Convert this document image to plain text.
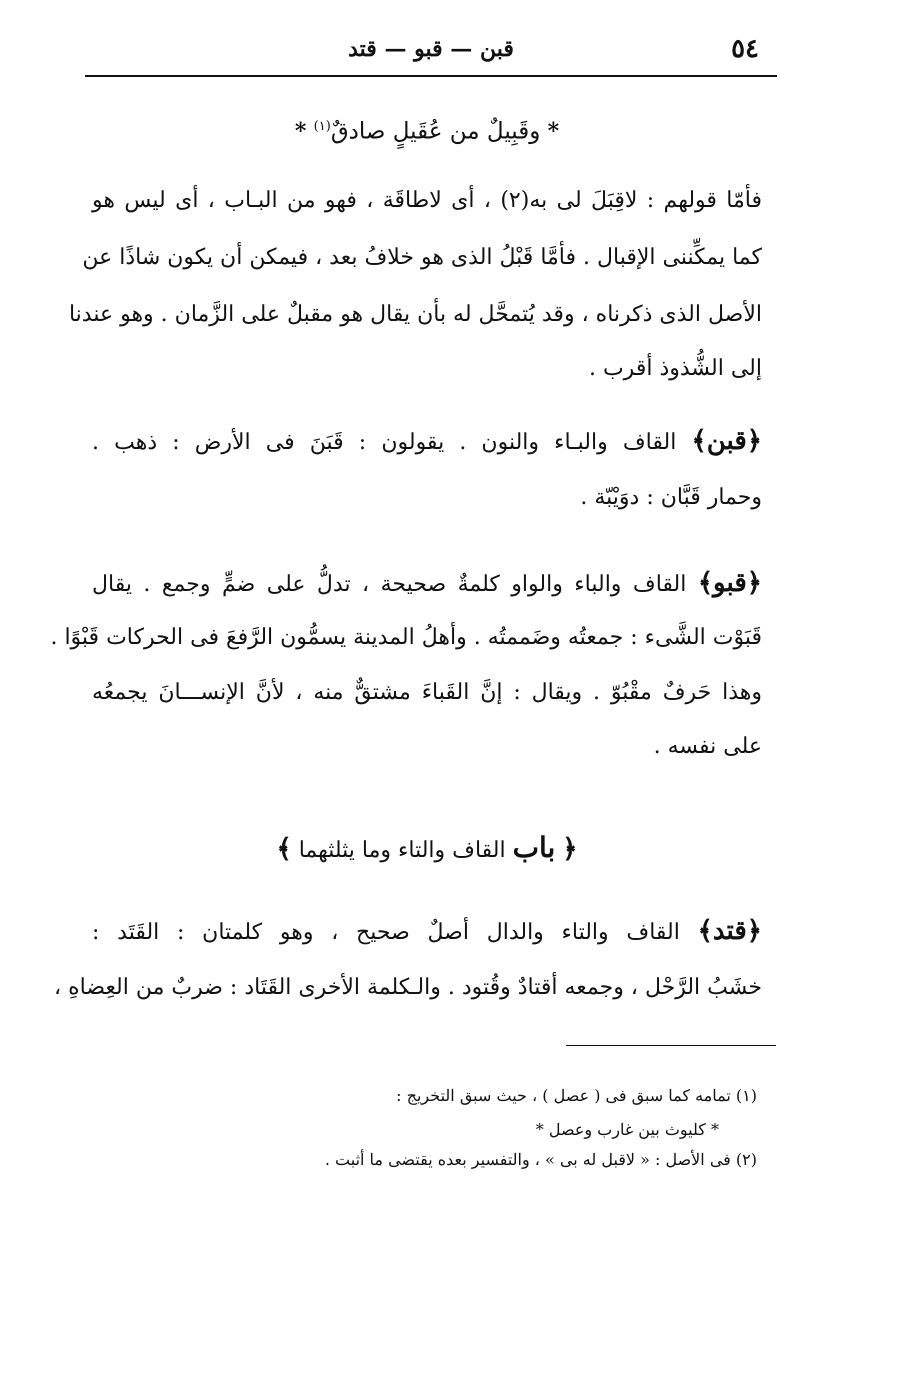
٥٤
قبن — قبو — قتد
* وقَبِيلٌ من عُقَيلٍ صادقٌ$^{(١)}$ *
فأمّا قولهم : لاقِبَلَ لى به(٢) ، أى لاطاقَة ، فهو من البـاب ، أى ليس هو
كما يمكِّننى الإقبال . فأمَّا قَبْلُ الذى هو خلافُ بعد ، فيمكن أن يكون شاذًا عن
الأصل الذى ذكرناه ، وقد يُتمحَّل له بأن يقال هو مقبلٌ على الزَّمان . وهو عندنا
إلى الشُّذوذ أقرب .
﴿قبن﴾ القاف والبـاء والنون . يقولون : قَبَنَ فى الأرض : ذهب .
وحمار قَبَّان : دوَيْبّة .
﴿قبو﴾ القاف والباء والواو كلمةٌ صحيحة ، تدلُّ على ضمٍّ وجمع . يقال
قَبَوْت الشَّىء : جمعتُه وضَممتُه . وأهلُ المدينة يسمُّون الرَّفعَ فى الحركات قَبْوًا .
وهذا حَرفٌ مقْبُوّ . ويقال : إنَّ القَباءَ مشتقٌّ منه ، لأنَّ الإنســـانَ يجمعُه
على نفسه .
﴿ باب القاف والتاء وما يثلثهما ﴾
﴿قتد﴾ القاف والتاء والدال أصلٌ صحيح ، وهو كلمتان : القَتَد :
خشَبُ الرَّحْل ، وجمعه أقتادٌ وقُتود . والـكلمة الأخرى القَتَاد : ضربٌ من العِضاهِ ،
(١) تمامه كما سبق فى ( عصل ) ، حيث سبق التخريج :
* كليوث بين غارب وعصل *
(٢) فى الأصل : « لاقبل له بى » ، والتفسير بعده يقتضى ما أثبت .
